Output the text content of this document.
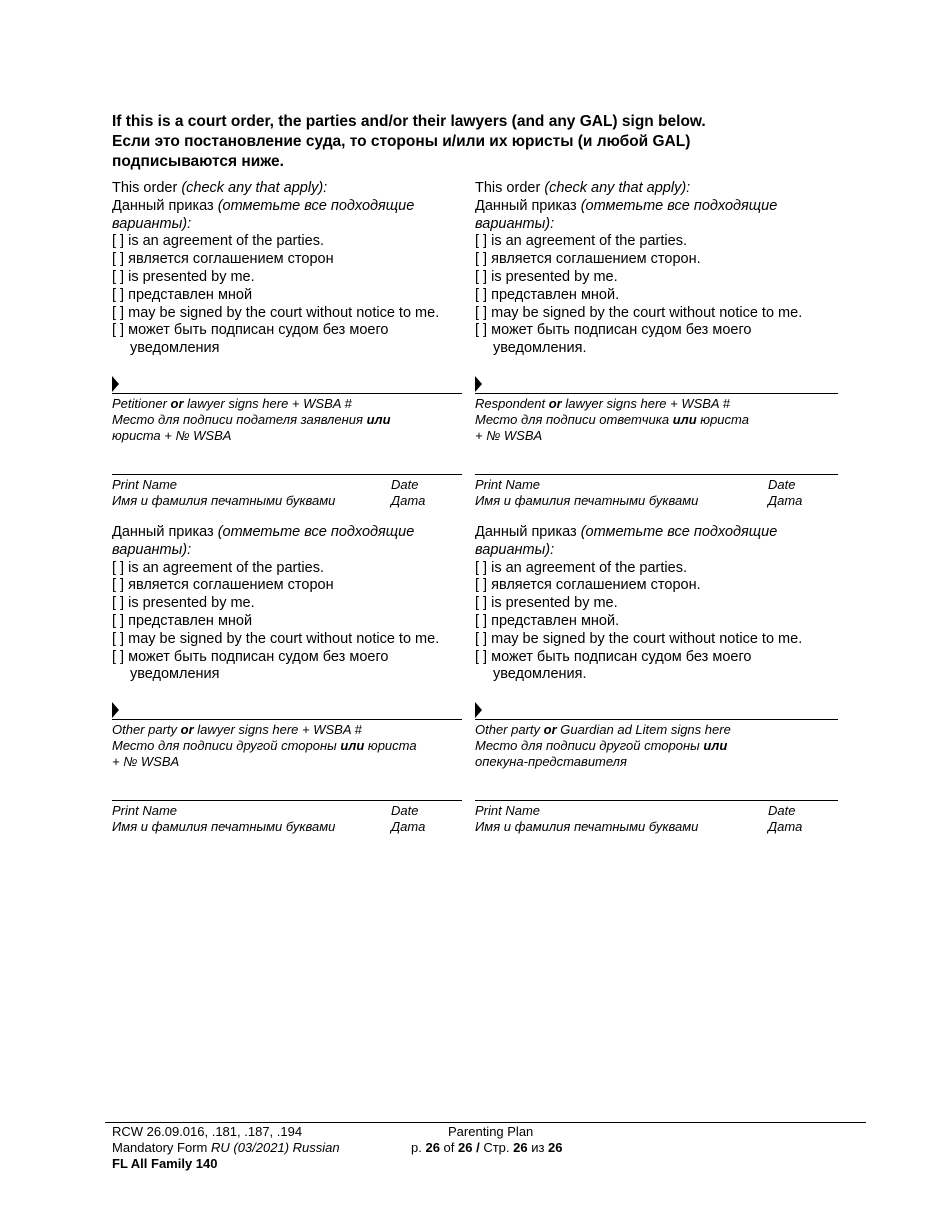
If this is a court order, the parties and/or their lawyers (and any GAL) sign below.
Если это постановление суда, то стороны и/или их юристы (и любой GAL)
подписываются ниже.
This order (check any that apply):
Данный приказ (отметьте все подходящие
варианты):
[ ] is an agreement of the parties.
[ ] является соглашением сторон
[ ] is presented by me.
[ ] представлен мной
[ ] may be signed by the court without notice to me.
[ ] может быть подписан судом без моего
уведомления
Petitioner or lawyer signs here + WSBA #
Место для подписи подателя заявления или
юриста + № WSBA
Print Name
Имя и фамилия печатными буквами
Date
Дата
Данный приказ (отметьте все подходящие
варианты):
[ ] is an agreement of the parties.
[ ] является соглашением сторон
[ ] is presented by me.
[ ] представлен мной
[ ] may be signed by the court without notice to me.
[ ] может быть подписан судом без моего
уведомления
Other party or lawyer signs here + WSBA #
Место для подписи другой стороны или юриста
+ № WSBA
Print Name
Имя и фамилия печатными буквами
Date
Дата
This order (check any that apply):
Данный приказ (отметьте все подходящие
варианты):
[ ] is an agreement of the parties.
[ ] является соглашением сторон.
[ ] is presented by me.
[ ] представлен мной.
[ ] may be signed by the court without notice to me.
[ ] может быть подписан судом без моего
уведомления.
Respondent or lawyer signs here + WSBA #
Место для подписи ответчика или юриста
+ № WSBA
Print Name
Имя и фамилия печатными буквами
Date
Дата
Данный приказ (отметьте все подходящие
варианты):
[ ] is an agreement of the parties.
[ ] является соглашением сторон.
[ ] is presented by me.
[ ] представлен мной.
[ ] may be signed by the court without notice to me.
[ ] может быть подписан судом без моего
уведомления.
Other party or Guardian ad Litem signs here
Место для подписи другой стороны или
опекуна-представителя
Print Name
Имя и фамилия печатными буквами
Date
Дата
RCW 26.09.016, .181, .187, .194
Mandatory Form RU (03/2021) Russian
FL All Family 140
Parenting Plan
p. 26 of 26 / Стр. 26 из 26
